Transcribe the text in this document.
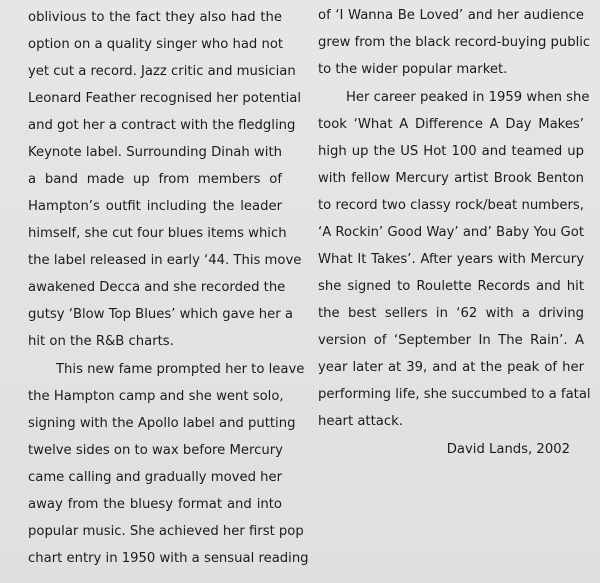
oblivious to the fact they also had the
option on a quality singer who had not
yet cut a record. Jazz critic and musician
Leonard Feather recognised her potential
and got her a contract with the fledgling
Keynote label. Surrounding Dinah with
a band made up from members of
Hampton’s outfit including the leader
himself, she cut four blues items which
the label released in early ‘44. This move
awakened Decca and she recorded the
gutsy ‘Blow Top Blues’ which gave her a
hit on the R&B charts.
This new fame prompted her to leave
the Hampton camp and she went solo,
signing with the Apollo label and putting
twelve sides on to wax before Mercury
came calling and gradually moved her
away from the bluesy format and into
popular music. She achieved her first pop
chart entry in 1950 with a sensual reading
of ‘I Wanna Be Loved’ and her audience
grew from the black record-buying public
to the wider popular market.
Her career peaked in 1959 when she
took ‘What A Difference A Day Makes’
high up the US Hot 100 and teamed up
with fellow Mercury artist Brook Benton
to record two classy rock/beat numbers,
‘A Rockin’ Good Way’ and’ Baby You Got
What It Takes’. After years with Mercury
she signed to Roulette Records and hit
the best sellers in ‘62 with a driving
version of ‘September In The Rain’. A
year later at 39, and at the peak of her
performing life, she succumbed to a fatal
heart attack.
David Lands, 2002
